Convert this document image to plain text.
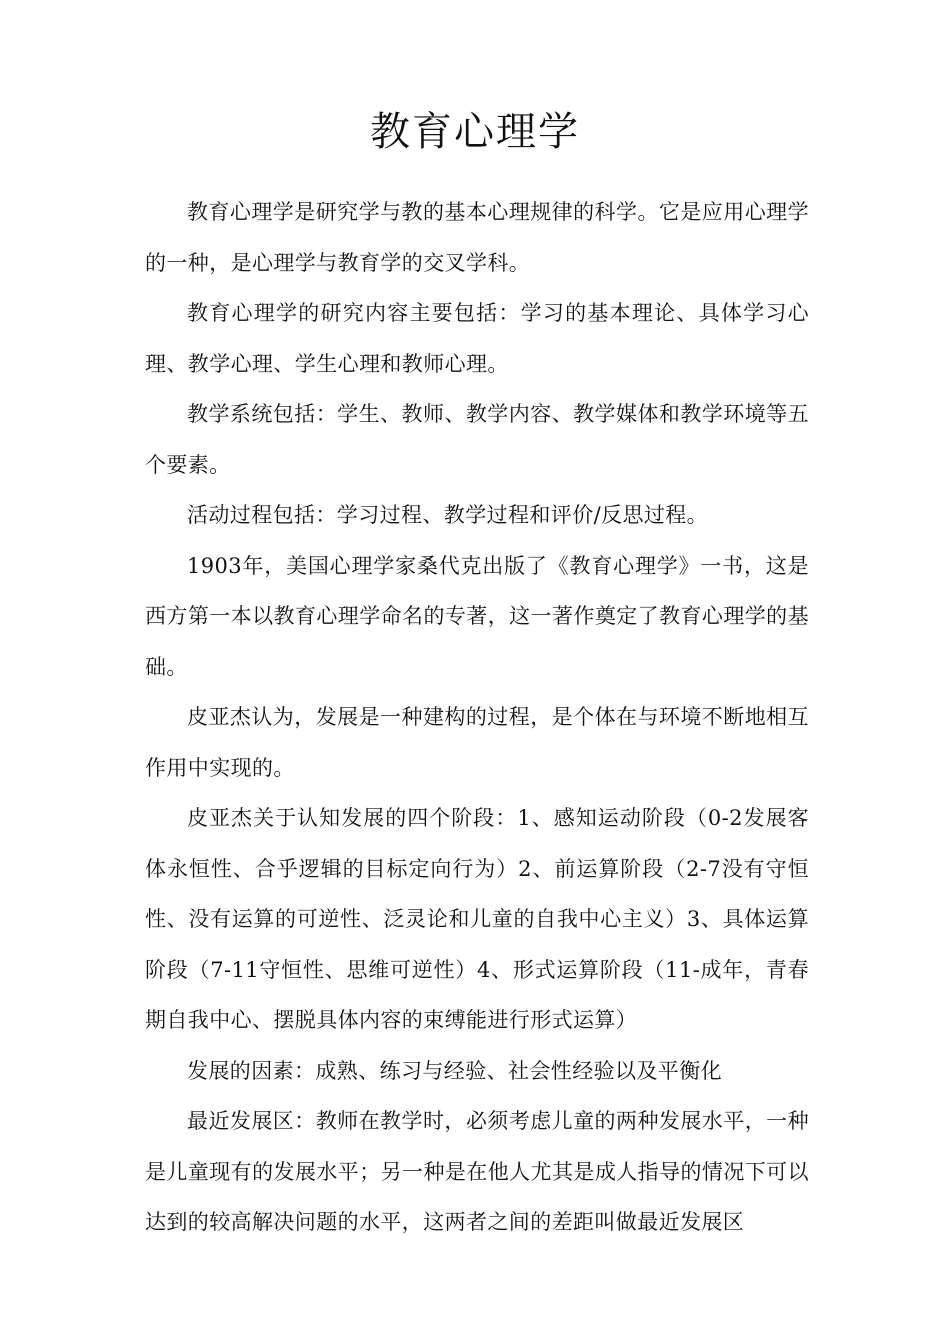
教育心理学

教育心理学是研究学与教的基本心理规律的科学。它是应用心理学的一种，是心理学与教育学的交叉学科。

教育心理学的研究内容主要包括：学习的基本理论、具体学习心理、教学心理、学生心理和教师心理。

教学系统包括：学生、教师、教学内容、教学媒体和教学环境等五个要素。

活动过程包括：学习过程、教学过程和评价/反思过程。

1903年，美国心理学家桑代克出版了《教育心理学》一书，这是西方第一本以教育心理学命名的专著，这一著作奠定了教育心理学的基础。

皮亚杰认为，发展是一种建构的过程，是个体在与环境不断地相互作用中实现的。

皮亚杰关于认知发展的四个阶段：1、感知运动阶段（0-2发展客体永恒性、合乎逻辑的目标定向行为）2、前运算阶段（2-7没有守恒性、没有运算的可逆性、泛灵论和儿童的自我中心主义）3、具体运算阶段（7-11守恒性、思维可逆性）4、形式运算阶段（11-成年，青春期自我中心、摆脱具体内容的束缚能进行形式运算）

发展的因素：成熟、练习与经验、社会性经验以及平衡化

最近发展区：教师在教学时，必须考虑儿童的两种发展水平，一种是儿童现有的发展水平；另一种是在他人尤其是成人指导的情况下可以达到的较高解决问题的水平，这两者之间的差距叫做最近发展区
